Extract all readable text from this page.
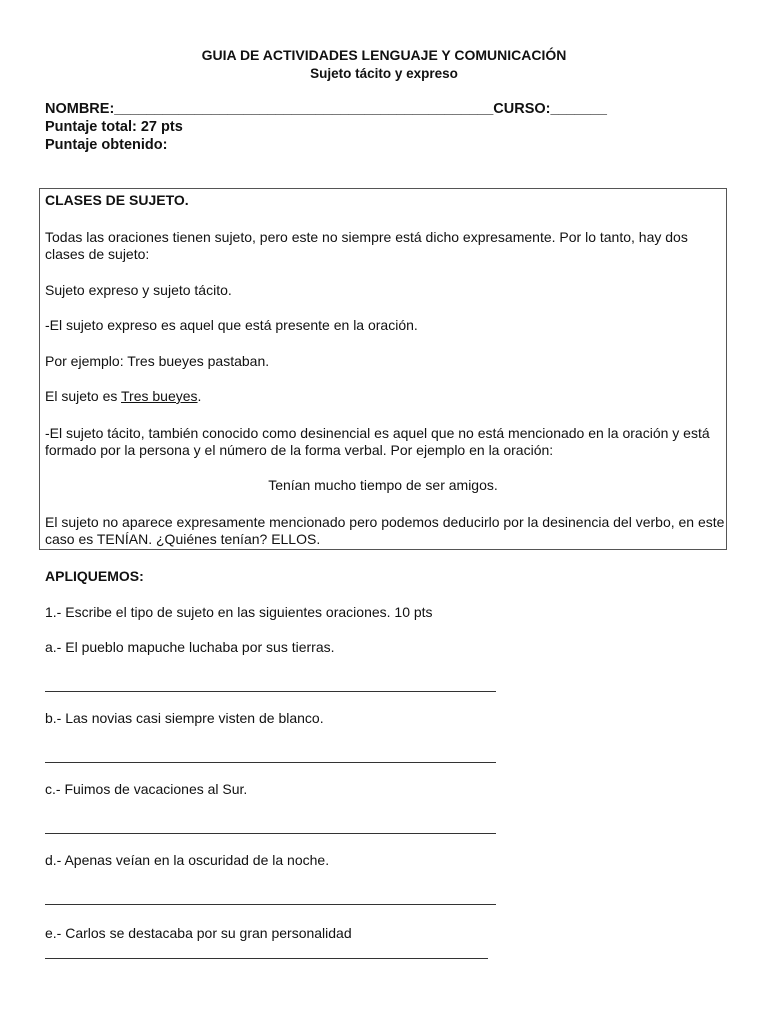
GUIA DE ACTIVIDADES LENGUAJE Y COMUNICACIÓN
Sujeto tácito y expreso
NOMBRE:_______________________________________________CURSO:_______
Puntaje total: 27 pts
Puntaje obtenido:
CLASES DE SUJETO.
Todas las oraciones tienen sujeto, pero este no siempre está dicho expresamente. Por lo tanto, hay dos clases de sujeto:
Sujeto expreso y sujeto tácito.
-El sujeto expreso es aquel que está presente en la oración.
Por ejemplo: Tres bueyes pastaban.
El sujeto es Tres bueyes.
-El sujeto tácito, también conocido como desinencial es aquel que no está mencionado en la oración y está formado por la persona y el número de la forma verbal. Por ejemplo en la oración:
Tenían mucho tiempo de ser amigos.
El sujeto no aparece expresamente mencionado pero podemos deducirlo por la desinencia del verbo, en este caso es TENÍAN. ¿Quiénes tenían? ELLOS.
APLIQUEMOS:
1.- Escribe el tipo de sujeto en las siguientes oraciones. 10 pts
a.- El pueblo mapuche luchaba por sus tierras.
b.- Las novias casi siempre visten de blanco.
c.- Fuimos de vacaciones al Sur.
d.- Apenas veían en la oscuridad de la noche.
e.- Carlos se destacaba por su gran personalidad
